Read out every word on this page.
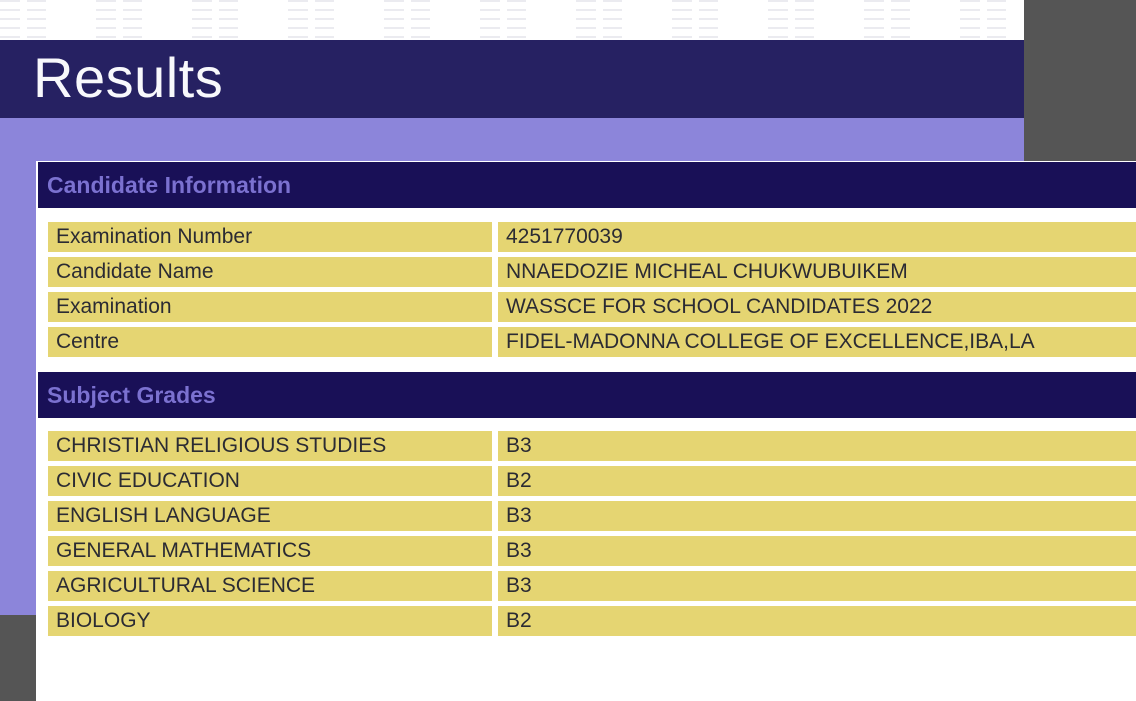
Results
Candidate Information
Examination Number	4251770039
Candidate Name	NNAEDOZIE MICHEAL CHUKWUBUIKEM
Examination	WASSCE FOR SCHOOL CANDIDATES 2022
Centre	FIDEL-MADONNA COLLEGE OF EXCELLENCE,IBA,LA
Subject Grades
CHRISTIAN RELIGIOUS STUDIES	B3
CIVIC EDUCATION	B2
ENGLISH LANGUAGE	B3
GENERAL MATHEMATICS	B3
AGRICULTURAL SCIENCE	B3
BIOLOGY	B2
